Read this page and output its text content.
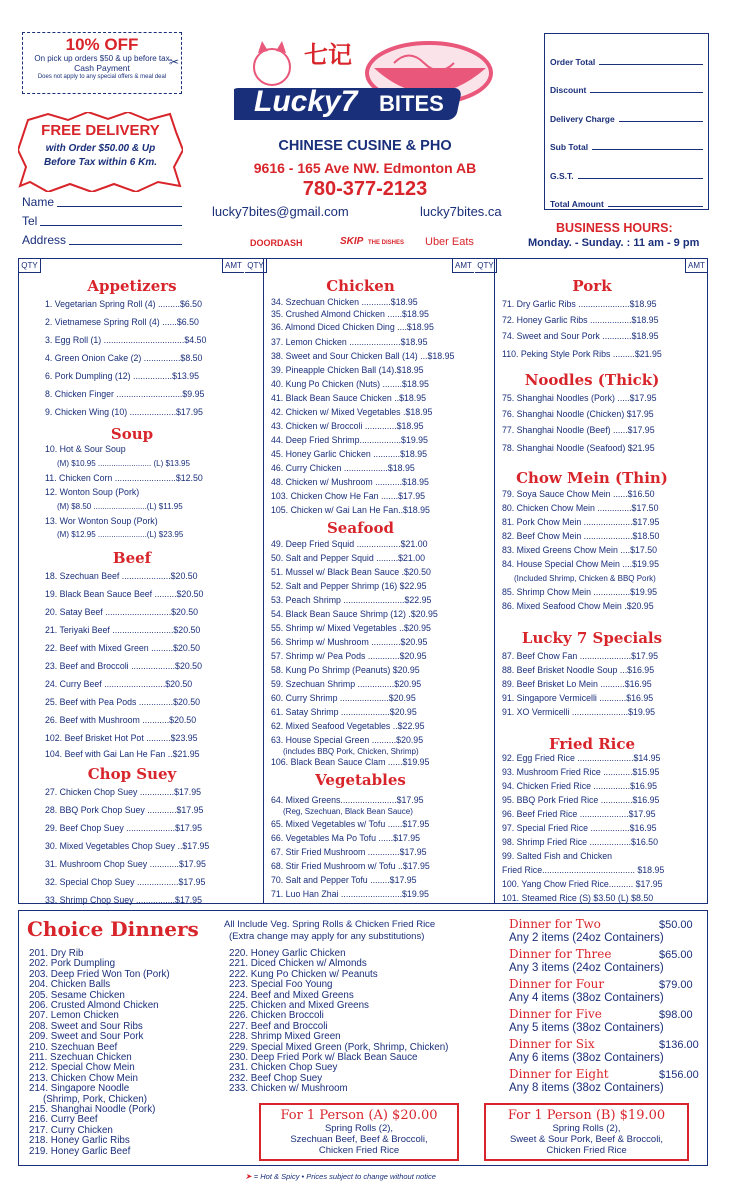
10% OFF
On pick up orders $50 & up before tax
Cash Payment
Does not apply to any special offers & meal deal
✂
FREE DELIVERY
with Order $50.00 & Up
Before Tax within 6 Km.
七记
Lucky7 BITES
CHINESE CUSINE & PHO
9616 - 165 Ave NW. Edmonton AB
780-377-2123
lucky7bites@gmail.com	lucky7bites.ca
DOORDASH	SKIP THE DISHES Uber Eats
BUSINESS HOURS:
Monday. - Sunday. : 11 am - 9 pm
Order Total
Discount
Delivery Charge
Sub Total
G.S.T.
Total Amount
Name
Tel
Address
QTY	AMT QTY	AMT QTY	AMT
Appetizers
1. Vegetarian Spring Roll (4) .........$6.50
2. Vietnamese Spring Roll (4) ......$6.50
3. Egg Roll (1) .................................$4.50
4. Green Onion Cake (2) ...............$8.50
6. Pork Dumpling (12) ................$13.95
8. Chicken Finger ...........................$9.95
9. Chicken Wing (10) ...................$17.95
Soup
10. Hot & Sour Soup
(M) $10.95 ........................ (L) $13.95
11. Chicken Corn .........................$12.50
12. Wonton Soup (Pork)
(M) $8.50 ........................(L) $11.95
13. Wor Wonton Soup (Pork)
(M) $12.95 ......................(L) $23.95
Beef
18. Szechuan Beef ....................$20.50
19. Black Bean Sauce Beef .........$20.50
20. Satay Beef ...........................$20.50
21. Teriyaki Beef .........................$20.50
22. Beef with Mixed Green .........$20.50
23. Beef and Broccoli ..................$20.50
24. Curry Beef .........................$20.50
25. Beef with Pea Pods ..............$20.50
26. Beef with Mushroom ...........$20.50
102. Beef Brisket Hot Pot ..........$23.95
104. Beef with Gai Lan He Fan ..$21.95
Chop Suey
27. Chicken Chop Suey ..............$17.95
28. BBQ Pork Chop Suey ............$17.95
29. Beef Chop Suey ....................$17.95
30. Mixed Vegetables Chop Suey ..$17.95
31. Mushroom Chop Suey ............$17.95
32. Special Chop Suey .................$17.95
33. Shrimp Chop Suey ................$17.95
Chicken
34. Szechuan Chicken ............$18.95
35. Crushed Almond Chicken ......$18.95
36. Almond Diced Chicken Ding ....$18.95
37. Lemon Chicken .....................$18.95
38. Sweet and Sour Chicken Ball (14) ...$18.95
39. Pineapple Chicken Ball (14).$18.95
40. Kung Po Chicken (Nuts) ........$18.95
41. Black Bean Sauce Chicken ..$18.95
42. Chicken w/ Mixed Vegetables .$18.95
43. Chicken w/ Broccoli .............$18.95
44. Deep Fried Shrimp.................$19.95
45. Honey Garlic Chicken ...........$18.95
46. Curry Chicken ..................$18.95
48. Chicken w/ Mushroom ...........$18.95
103. Chicken Chow He Fan .......$17.95
105. Chicken w/ Gai Lan He Fan..$18.95
Seafood
49. Deep Fried Squid ..................$21.00
50. Salt and Pepper Squid .........$21.00
51. Mussel w/ Black Bean Sauce .$20.50
52. Salt and Pepper Shrimp (16) $22.95
53. Peach Shrimp .........................$22.95
54. Black Bean Sauce Shrimp (12) .$20.95
55. Shrimp w/ Mixed Vegetables ..$20.95
56. Shrimp w/ Mushroom ............$20.95
57. Shrimp w/ Pea Pods .............$20.95
58. Kung Po Shrimp (Peanuts) $20.95
59. Szechuan Shrimp ...............$20.95
60. Curry Shrimp ....................$20.95
61. Satay Shrimp ....................$20.95
62. Mixed Seafood Vegetables ..$22.95
63. House Special Green ..........$20.95
(includes BBQ Pork, Chicken, Shrimp)
106. Black Bean Sauce Clam ......$19.95
Vegetables
64. Mixed Greens.......................$17.95
(Reg, Szechuan, Black Bean Sauce)
65. Mixed Vegetables w/ Tofu ......$17.95
66. Vegetables Ma Po Tofu ......$17.95
67. Stir Fried Mushroom .............$17.95
68. Stir Fried Mushroom w/ Tofu ..$17.95
70. Salt and Pepper Tofu ........$17.95
71. Luo Han Zhai .........................$19.95
Pork
71. Dry Garlic Ribs .....................$18.95
72. Honey Garlic Ribs .................$18.95
74. Sweet and Sour Pork ............$18.95
110. Peking Style Pork Ribs .........$21.95
Noodles (Thick)
75. Shanghai Noodles (Pork) .....$17.95
76. Shanghai Noodle (Chicken) $17.95
77. Shanghai Noodle (Beef) ......$17.95
78. Shanghai Noodle (Seafood) $21.95
Chow Mein (Thin)
79. Soya Sauce Chow Mein ......$16.50
80. Chicken Chow Mein ..............$17.50
81. Pork Chow Mein ....................$17.95
82. Beef Chow Mein ....................$18.50
83. Mixed Greens Chow Mein ....$17.50
84. House Special Chow Mein ....$19.95
(Included Shrimp, Chicken & BBQ Pork)
85. Shrimp Chow Mein ...............$19.95
86. Mixed Seafood Chow Mein .$20.95
Lucky 7 Specials
87. Beef Chow Fan .....................$17.95
88. Beef Brisket Noodle Soup ...$16.95
89. Beef Brisket Lo Mein ..........$16.95
91. Singapore Vermicelli ...........$16.95
91. XO Vermicelli .......................$19.95
Fried Rice
92. Egg Fried Rice .......................$14.95
93. Mushroom Fried Rice ............$15.95
94. Chicken Fried Rice ...............$16.95
95. BBQ Pork Fried Rice .............$16.95
96. Beef Fried Rice ....................$17.95
97. Special Fried Rice ................$16.95
98. Shrimp Fried Rice .................$16.50
99. Salted Fish and Chicken
Fried Rice...................................... $18.95
100. Yang Chow Fried Rice.......... $17.95
101. Steamed Rice (S) $3.50 (L) $8.50
Choice Dinners	All Include Veg. Spring Rolls & Chicken Fried Rice
(Extra change may apply for any substitutions)
201. Dry Rib
202. Pork Dumpling
203. Deep Fried Won Ton (Pork)
204. Chicken Balls
205. Sesame Chicken
206. Crusted Almond Chicken
207. Lemon Chicken
208. Sweet and Sour Ribs
209. Sweet and Sour Pork
210. Szechuan Beef
211. Szechuan Chicken
212. Special Chow Mein
213. Chicken Chow Mein
214. Singapore Noodle
(Shrimp, Pork, Chicken)
215. Shanghai Noodle (Pork)
216. Curry Beef
217. Curry Chicken
218. Honey Garlic Ribs
219. Honey Garlic Beef
220. Honey Garlic Chicken
221. Diced Chicken w/ Almonds
222. Kung Po Chicken w/ Peanuts
223. Special Foo Young
224. Beef and Mixed Greens
225. Chicken and Mixed Greens
226. Chicken Broccoli
227. Beef and Broccoli
228. Shrimp Mixed Green
229. Special Mixed Green (Pork, Shrimp, Chicken)
230. Deep Fried Pork w/ Black Bean Sauce
231. Chicken Chop Suey
232. Beef Chop Suey
233. Chicken w/ Mushroom
Dinner for Two	$50.00
Any 2 items (24oz Containers)
Dinner for Three	$65.00
Any 3 items (24oz Containers)
Dinner for Four	$79.00
Any 4 items (38oz Containers)
Dinner for Five	$98.00
Any 5 items (38oz Containers)
Dinner for Six	$136.00
Any 6 items (38oz Containers)
Dinner for Eight	$156.00
Any 8 items (38oz Containers)
For 1 Person (A) $20.00
Spring Rolls (2),
Szechuan Beef, Beef & Broccoli,
Chicken Fried Rice
For 1 Person (B) $19.00
Spring Rolls (2),
Sweet & Sour Pork, Beef & Broccoli,
Chicken Fried Rice
➤ = Hot & Spicy • Prices subject to change without notice
